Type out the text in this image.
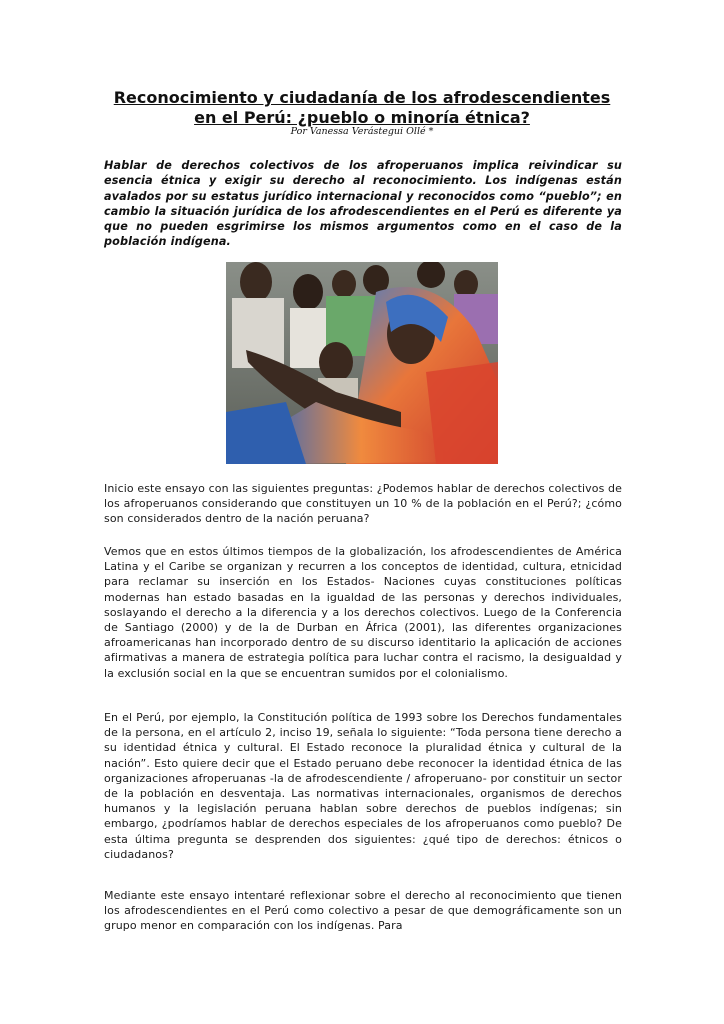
Reconocimiento y ciudadanía de los afrodescendientes
en el Perú: ¿pueblo o minoría étnica?
Por Vanessa Verástegui Ollé *

Hablar de derechos colectivos de los afroperuanos implica reivindicar su esencia étnica y exigir su derecho al reconocimiento. Los indígenas están avalados por su estatus jurídico internacional y reconocidos como “pueblo”; en cambio la situación jurídica de los afrodescendientes en el Perú es diferente ya que no pueden esgrimirse los mismos argumentos como en el caso de la población indígena.

Inicio este ensayo con las siguientes preguntas: ¿Podemos hablar de derechos colectivos de los afroperuanos considerando que constituyen un 10 % de la población en el Perú?; ¿cómo son considerados dentro de la nación peruana?

Vemos que en estos últimos tiempos de la globalización, los afrodescendientes de América Latina y el Caribe se organizan y recurren a los conceptos de identidad, cultura, etnicidad para reclamar su inserción en los Estados- Naciones cuyas constituciones políticas modernas han estado basadas en la igualdad de las personas y derechos individuales, soslayando el derecho a la diferencia y a los derechos colectivos. Luego de la Conferencia de Santiago (2000) y de la de Durban en África (2001), las diferentes organizaciones afroamericanas han incorporado dentro de su discurso identitario la aplicación de acciones afirmativas a manera de estrategia política para luchar contra el racismo, la desigualdad y la exclusión social en la que se encuentran sumidos por el colonialismo.

En el Perú, por ejemplo, la Constitución política de 1993 sobre los Derechos fundamentales de la persona, en el artículo 2, inciso 19, señala lo siguiente: “Toda persona tiene derecho a su identidad étnica y cultural. El Estado reconoce la pluralidad étnica y cultural de la nación”. Esto quiere decir que el Estado peruano debe reconocer la identidad étnica de las organizaciones afroperuanas -la de afrodescendiente / afroperuano- por constituir un sector de la población en desventaja. Las normativas internacionales, organismos de derechos humanos y la legislación peruana hablan sobre derechos de pueblos indígenas; sin embargo, ¿podríamos hablar de derechos especiales de los afroperuanos como pueblo? De esta última pregunta se desprenden dos siguientes: ¿qué tipo de derechos: étnicos o ciudadanos?

Mediante este ensayo intentaré reflexionar sobre el derecho al reconocimiento que tienen los afrodescendientes en el Perú como colectivo a pesar de que demográficamente son un grupo menor en comparación con los indígenas. Para
